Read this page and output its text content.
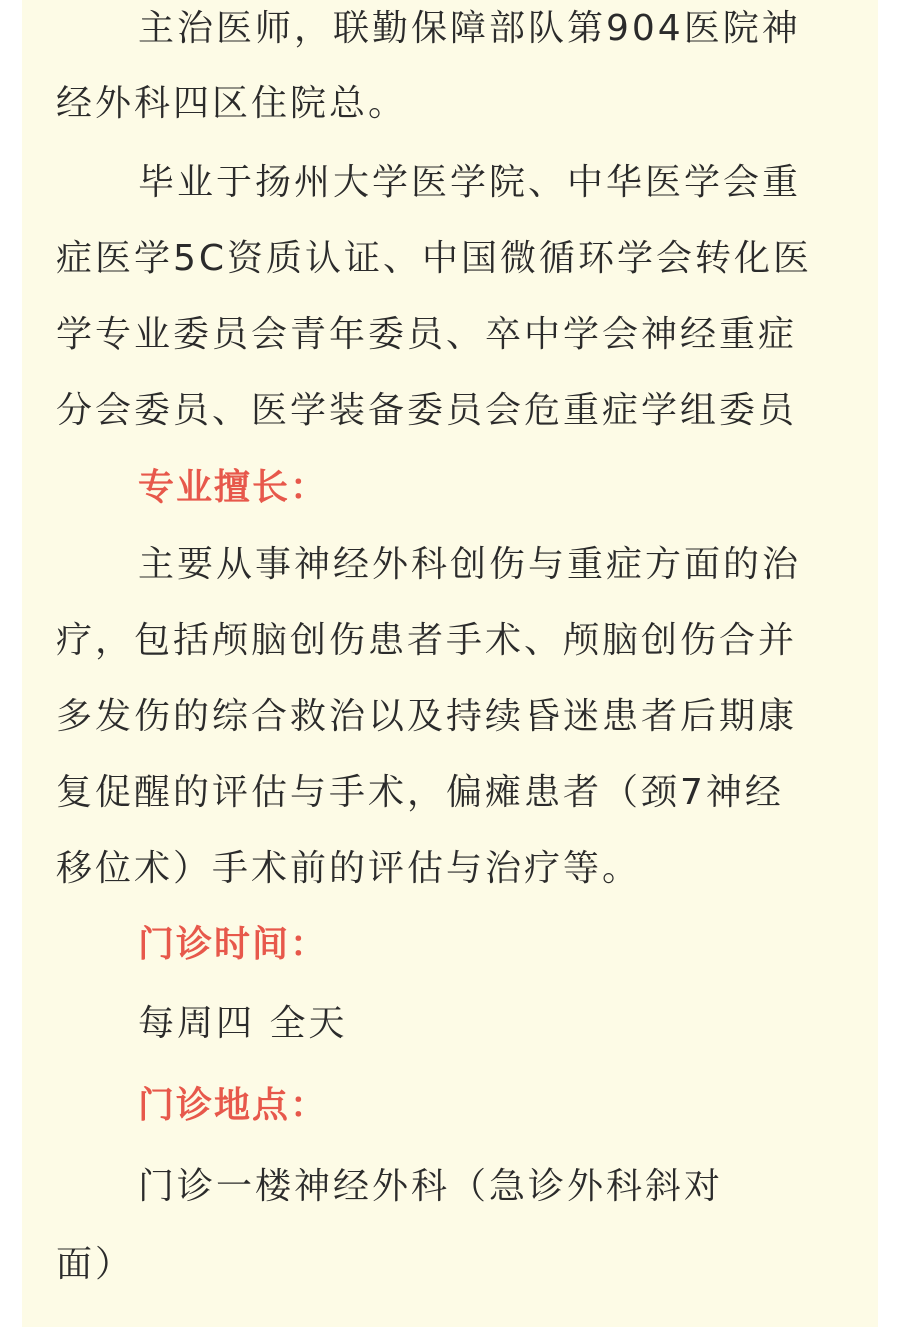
主治医师，联勤保障部队第904医院神
经外科四区住院总。
毕业于扬州大学医学院、中华医学会重
症医学5C资质认证、中国微循环学会转化医
学专业委员会青年委员、卒中学会神经重症
分会委员、医学装备委员会危重症学组委员
专业擅长：
主要从事神经外科创伤与重症方面的治
疗，包括颅脑创伤患者手术、颅脑创伤合并
多发伤的综合救治以及持续昏迷患者后期康
复促醒的评估与手术，偏瘫患者（颈7神经
移位术）手术前的评估与治疗等。
门诊时间：
每周四 全天
门诊地点：
门诊一楼神经外科（急诊外科斜对
面）
